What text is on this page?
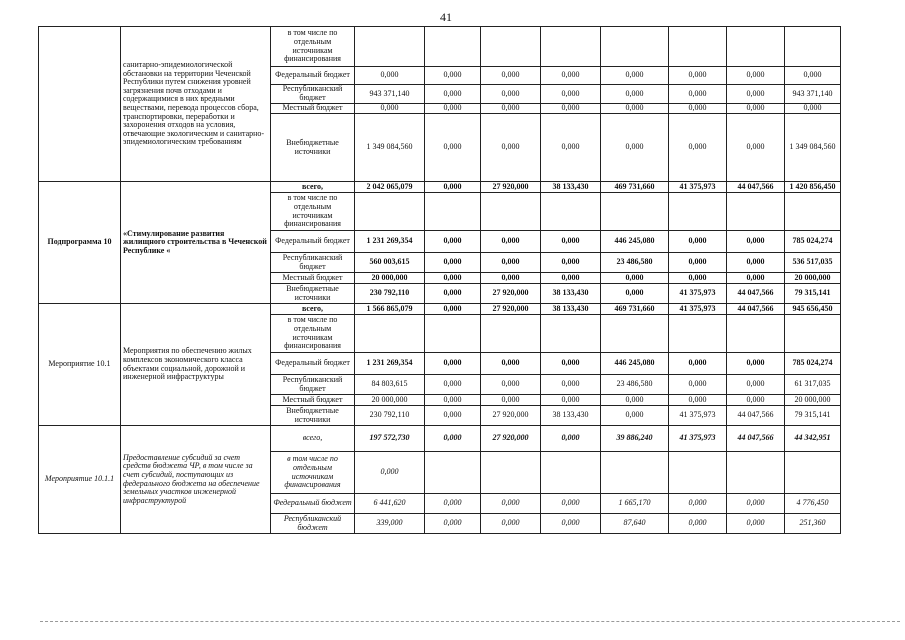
41
	санитарно-эпидемиологической обстановки на территории Чеченской Республики путем снижения уровней загрязнения почв отходами и содержащимися в них вредными веществами, перевода процессов сбора, транспортировки, переработки и захоронения отходов на условия, отвечающие экологическим и санитарно-эпидемиологическим требованиям	в том числе по отдельным источникам финансирования								
		Федеральный бюджет	0,000	0,000	0,000	0,000	0,000	0,000	0,000	0,000
		Республиканский бюджет	943 371,140	0,000	0,000	0,000	0,000	0,000	0,000	943 371,140
		Местный бюджет	0,000	0,000	0,000	0,000	0,000	0,000	0,000	0,000
		Внебюджетные источники	1 349 084,560	0,000	0,000	0,000	0,000	0,000	0,000	1 349 084,560
Подпрограмма 10	«Стимулирование развития жилищного строительства в Чеченской Республике «	всего,	2 042 065,079	0,000	27 920,000	38 133,430	469 731,660	41 375,973	44 047,566	1 420 856,450
		в том числе по отдельным источникам финансирования								
		Федеральный бюджет	1 231 269,354	0,000	0,000	0,000	446 245,080	0,000	0,000	785 024,274
		Республиканский бюджет	560 003,615	0,000	0,000	0,000	23 486,580	0,000	0,000	536 517,035
		Местный бюджет	20 000,000	0,000	0,000	0,000	0,000	0,000	0,000	20 000,000
		Внебюджетные источники	230 792,110	0,000	27 920,000	38 133,430	0,000	41 375,973	44 047,566	79 315,141
Мероприятие 10.1	Мероприятия по обеспечению жилых комплексов экономического класса объектами социальной, дорожной и инженерной инфраструктуры	всего,	1 566 865,079	0,000	27 920,000	38 133,430	469 731,660	41 375,973	44 047,566	945 656,450
		в том числе по отдельным источникам финансирования								
		Федеральный бюджет	1 231 269,354	0,000	0,000	0,000	446 245,080	0,000	0,000	785 024,274
		Республиканский бюджет	84 803,615	0,000	0,000	0,000	23 486,580	0,000	0,000	61 317,035
		Местный бюджет	20 000,000	0,000	0,000	0,000	0,000	0,000	0,000	20 000,000
		Внебюджетные источники	230 792,110	0,000	27 920,000	38 133,430	0,000	41 375,973	44 047,566	79 315,141
Мероприятие 10.1.1	Предоставление субсидий за счет средств бюджета ЧР, в том числе за счет субсидий, поступающих из федерального бюджета на обеспечение земельных участков инженерной инфраструктурой	всего,	197 572,730	0,000	27 920,000	0,000	39 886,240	41 375,973	44 047,566	44 342,951
		в том числе по отдельным источникам финансирования	0,000							
		Федеральный бюджет	6 441,620	0,000	0,000	0,000	1 665,170	0,000	0,000	4 776,450
		Республиканский бюджет	339,000	0,000	0,000	0,000	87,640	0,000	0,000	251,360
